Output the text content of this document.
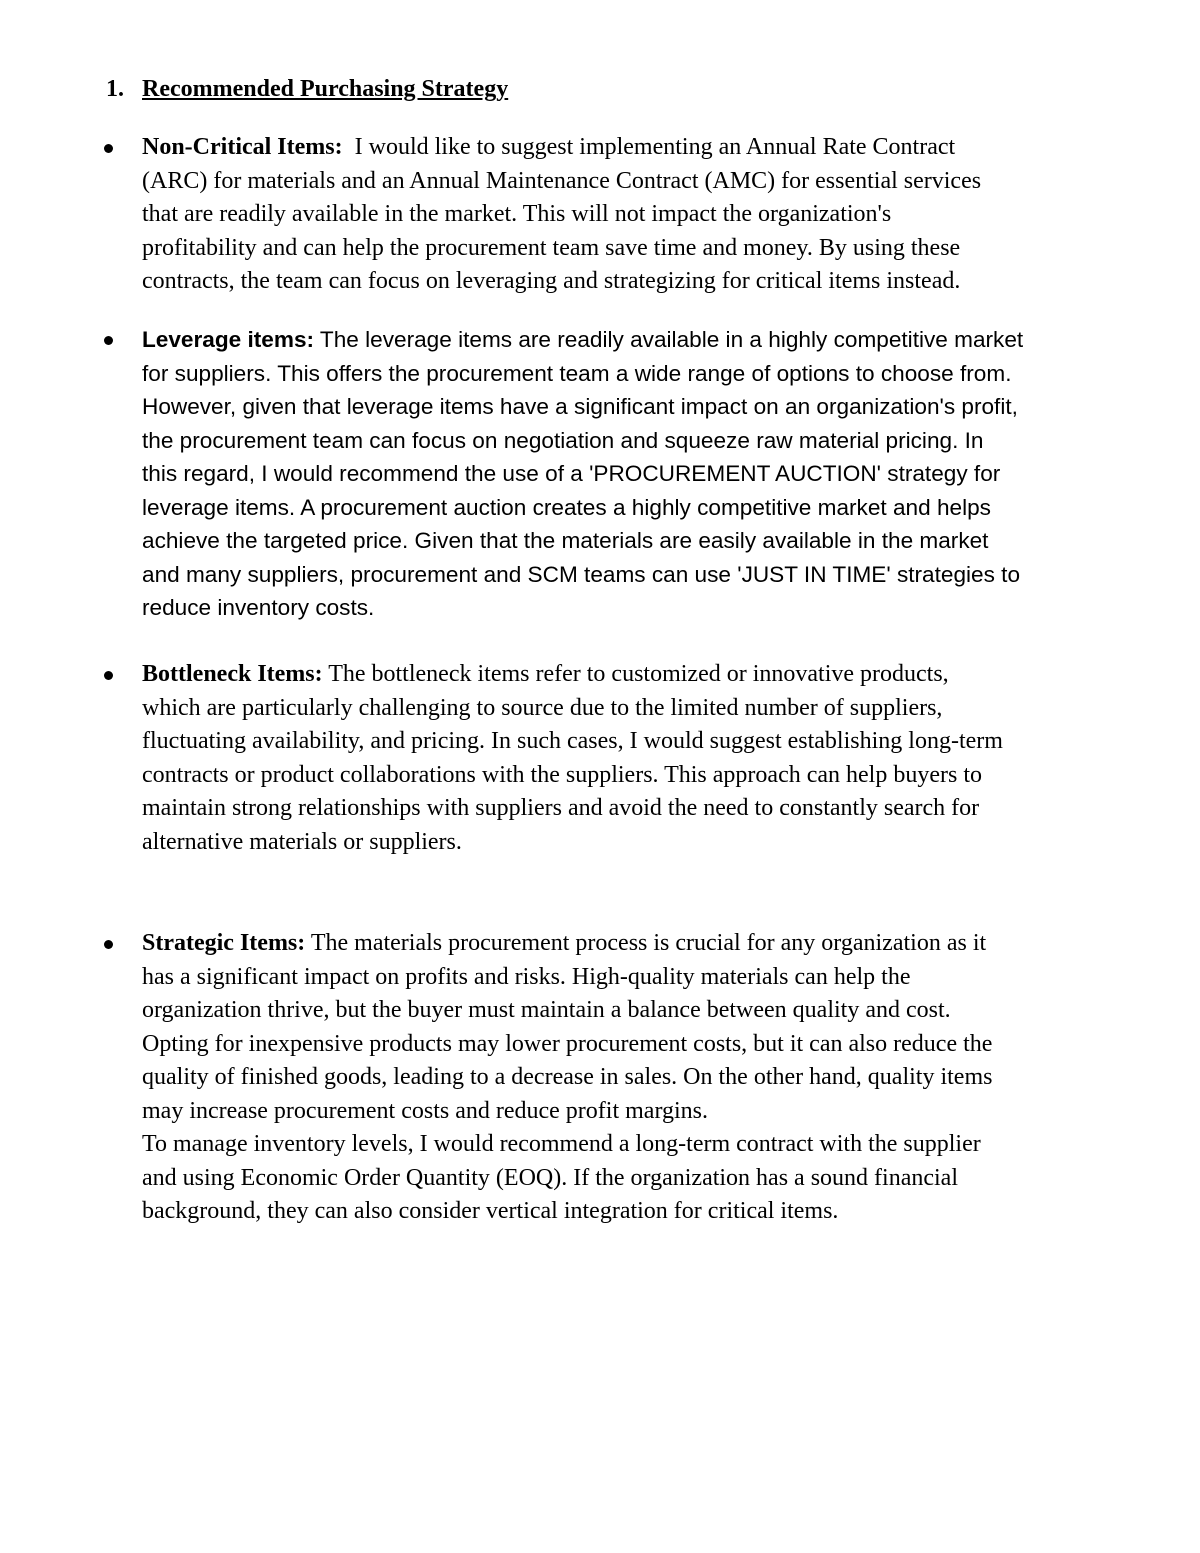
1. Recommended Purchasing Strategy

Non-Critical Items: I would like to suggest implementing an Annual Rate Contract
(ARC) for materials and an Annual Maintenance Contract (AMC) for essential services
that are readily available in the market. This will not impact the organization's
profitability and can help the procurement team save time and money. By using these
contracts, the team can focus on leveraging and strategizing for critical items instead.

Leverage items: The leverage items are readily available in a highly competitive market
for suppliers. This offers the procurement team a wide range of options to choose from.
However, given that leverage items have a significant impact on an organization's profit,
the procurement team can focus on negotiation and squeeze raw material pricing. In
this regard, I would recommend the use of a 'PROCUREMENT AUCTION' strategy for
leverage items. A procurement auction creates a highly competitive market and helps
achieve the targeted price. Given that the materials are easily available in the market
and many suppliers, procurement and SCM teams can use 'JUST IN TIME' strategies to
reduce inventory costs.

Bottleneck Items: The bottleneck items refer to customized or innovative products,
which are particularly challenging to source due to the limited number of suppliers,
fluctuating availability, and pricing. In such cases, I would suggest establishing long-term
contracts or product collaborations with the suppliers. This approach can help buyers to
maintain strong relationships with suppliers and avoid the need to constantly search for
alternative materials or suppliers.

Strategic Items: The materials procurement process is crucial for any organization as it
has a significant impact on profits and risks. High-quality materials can help the
organization thrive, but the buyer must maintain a balance between quality and cost.
Opting for inexpensive products may lower procurement costs, but it can also reduce the
quality of finished goods, leading to a decrease in sales. On the other hand, quality items
may increase procurement costs and reduce profit margins.

To manage inventory levels, I would recommend a long-term contract with the supplier
and using Economic Order Quantity (EOQ). If the organization has a sound financial
background, they can also consider vertical integration for critical items.
